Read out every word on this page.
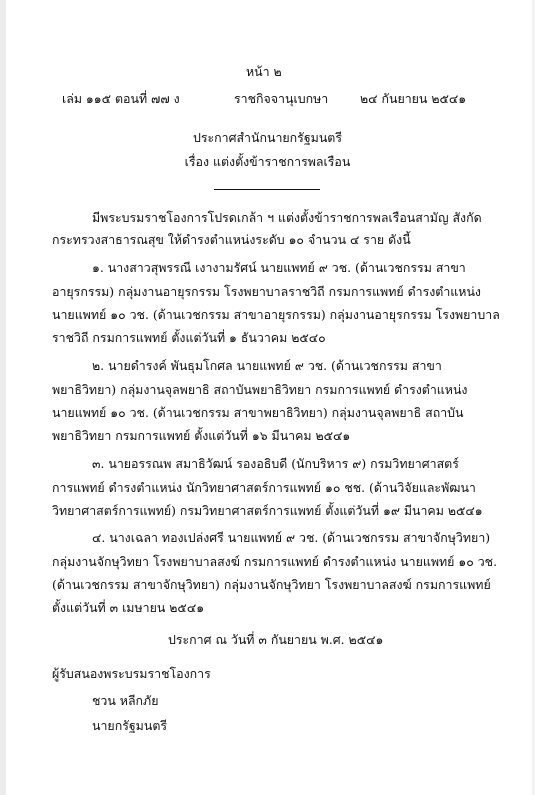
หน้า ๒
เล่ม ๑๑๕ ตอนที่ ๗๗ ง	ราชกิจจานุเบกษา	๒๔ กันยายน ๒๕๔๑
ประกาศสำนักนายกรัฐมนตรี
เรื่อง แต่งตั้งข้าราชการพลเรือน
มีพระบรมราชโองการโปรดเกล้า ฯ แต่งตั้งข้าราชการพลเรือนสามัญ สังกัด
กระทรวงสาธารณสุข ให้ดำรงตำแหน่งระดับ ๑๐ จำนวน ๔ ราย ดังนี้
๑. นางสาวสุพรรณี เงางามรัศน์ นายแพทย์ ๙ วช. (ด้านเวชกรรม สาขา
อายุรกรรม) กลุ่มงานอายุรกรรม โรงพยาบาลราชวิถี กรมการแพทย์ ดำรงตำแหน่ง
นายแพทย์ ๑๐ วช. (ด้านเวชกรรม สาขาอายุรกรรม) กลุ่มงานอายุรกรรม โรงพยาบาล
ราชวิถี กรมการแพทย์ ตั้งแต่วันที่ ๑ ธันวาคม ๒๕๔๐
๒. นายดำรงค์ พันธุมโกศล นายแพทย์ ๙ วช. (ด้านเวชกรรม สาขา
พยาธิวิทยา) กลุ่มงานจุลพยาธิ สถาบันพยาธิวิทยา กรมการแพทย์ ดำรงตำแหน่ง
นายแพทย์ ๑๐ วช. (ด้านเวชกรรม สาขาพยาธิวิทยา) กลุ่มงานจุลพยาธิ สถาบัน
พยาธิวิทยา กรมการแพทย์ ตั้งแต่วันที่ ๑๖ มีนาคม ๒๕๔๑
๓. นายอรรณพ สมาธิวัฒน์ รองอธิบดี (นักบริหาร ๙) กรมวิทยาศาสตร์
การแพทย์ ดำรงตำแหน่ง นักวิทยาศาสตร์การแพทย์ ๑๐ ชช. (ด้านวิจัยและพัฒนา
วิทยาศาสตร์การแพทย์) กรมวิทยาศาสตร์การแพทย์ ตั้งแต่วันที่ ๑๙ มีนาคม ๒๕๔๑
๔. นางเฉลา ทองเปล่งศรี นายแพทย์ ๙ วช. (ด้านเวชกรรม สาขาจักษุวิทยา)
กลุ่มงานจักษุวิทยา โรงพยาบาลสงฆ์ กรมการแพทย์ ดำรงตำแหน่ง นายแพทย์ ๑๐ วช.
(ด้านเวชกรรม สาขาจักษุวิทยา) กลุ่มงานจักษุวิทยา โรงพยาบาลสงฆ์ กรมการแพทย์
ตั้งแต่วันที่ ๓ เมษายน ๒๕๔๑
ประกาศ ณ วันที่ ๓ กันยายน พ.ศ. ๒๕๔๑
ผู้รับสนองพระบรมราชโองการ
ชวน หลีกภัย
นายกรัฐมนตรี
